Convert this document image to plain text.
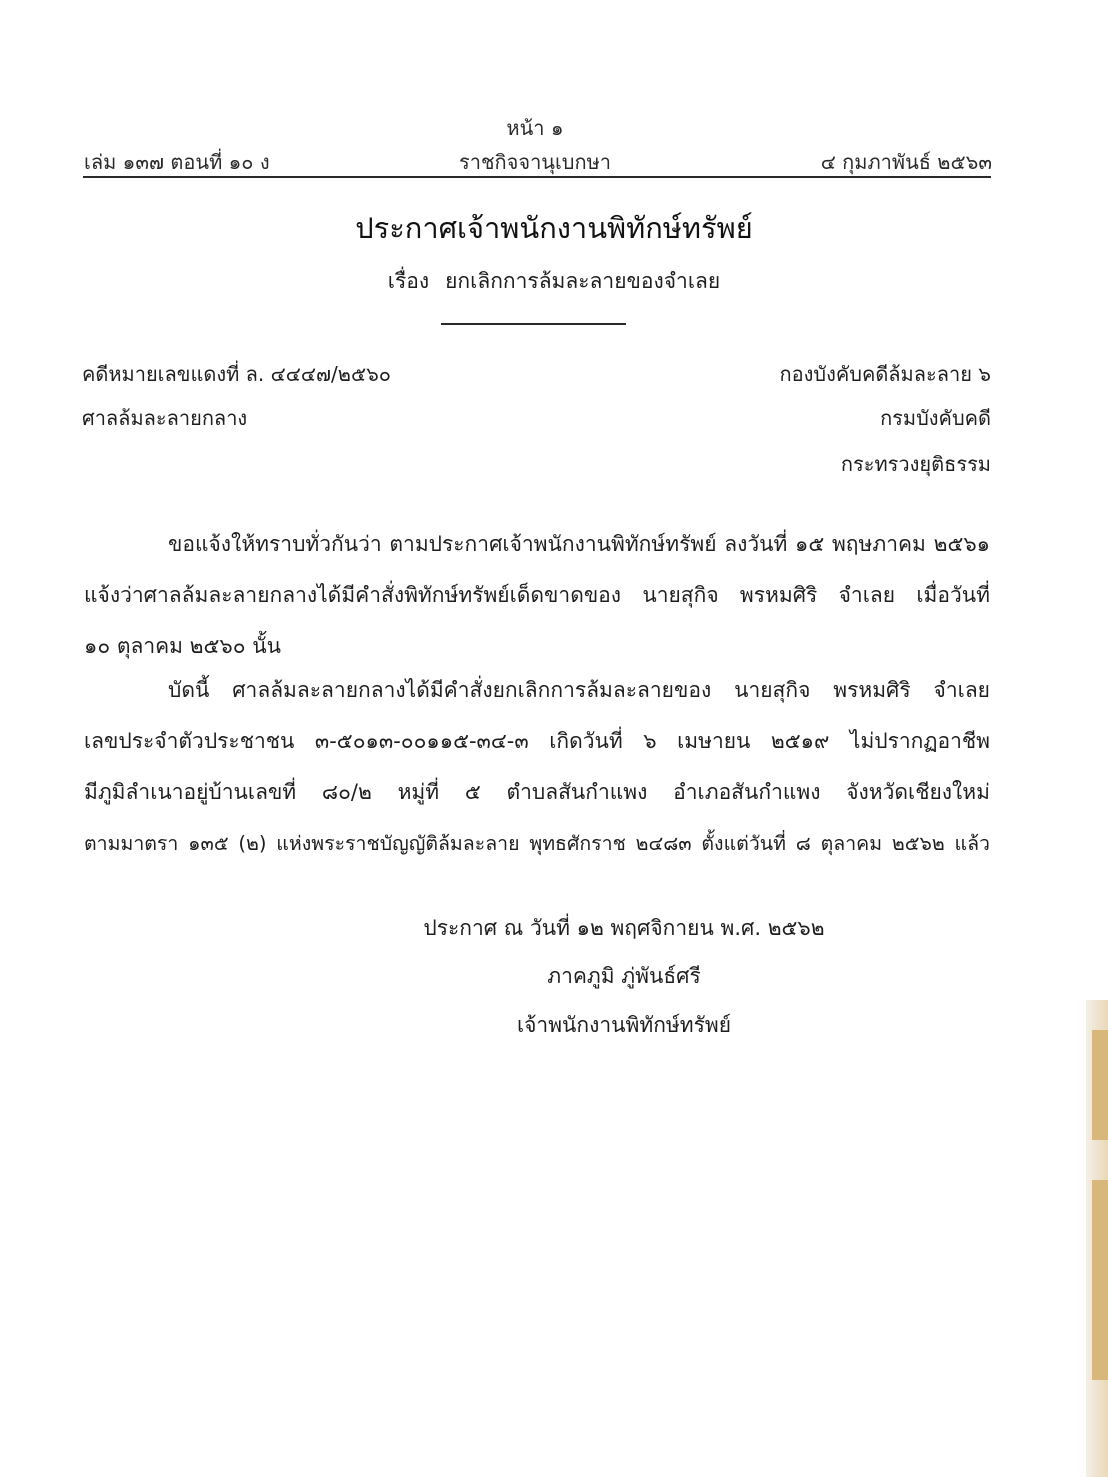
หน้า ๑
เล่ม ๑๓๗ ตอนที่ ๑๐ ง	ราชกิจจานุเบกษา	๔ กุมภาพันธ์ ๒๕๖๓
ประกาศเจ้าพนักงานพิทักษ์ทรัพย์
เรื่อง ยกเลิกการล้มละลายของจำเลย
คดีหมายเลขแดงที่ ล. ๔๔๔๗/๒๕๖๐
ศาลล้มละลายกลาง
กองบังคับคดีล้มละลาย ๖
กรมบังคับคดี
กระทรวงยุติธรรม
ขอแจ้งให้ทราบทั่วกันว่า ตามประกาศเจ้าพนักงานพิทักษ์ทรัพย์ ลงวันที่ ๑๕ พฤษภาคม ๒๕๖๑
แจ้งว่าศาลล้มละลายกลางได้มีคำสั่งพิทักษ์ทรัพย์เด็ดขาดของ นายสุกิจ พรหมศิริ จำเลย เมื่อวันที่
๑๐ ตุลาคม ๒๕๖๐ นั้น
บัดนี้ ศาลล้มละลายกลางได้มีคำสั่งยกเลิกการล้มละลายของ นายสุกิจ พรหมศิริ จำเลย
เลขประจำตัวประชาชน ๓-๕๐๑๓-๐๐๑๑๕-๓๔-๓ เกิดวันที่ ๖ เมษายน ๒๕๑๙ ไม่ปรากฏอาชีพ
มีภูมิลำเนาอยู่บ้านเลขที่ ๘๐/๒ หมู่ที่ ๕ ตำบลสันกำแพง อำเภอสันกำแพง จังหวัดเชียงใหม่
ตามมาตรา ๑๓๕ (๒) แห่งพระราชบัญญัติล้มละลาย พุทธศักราช ๒๔๘๓ ตั้งแต่วันที่ ๘ ตุลาคม ๒๕๖๒ แล้ว
ประกาศ ณ วันที่ ๑๒ พฤศจิกายน พ.ศ. ๒๕๖๒
ภาคภูมิ ภู่พันธ์ศรี
เจ้าพนักงานพิทักษ์ทรัพย์
